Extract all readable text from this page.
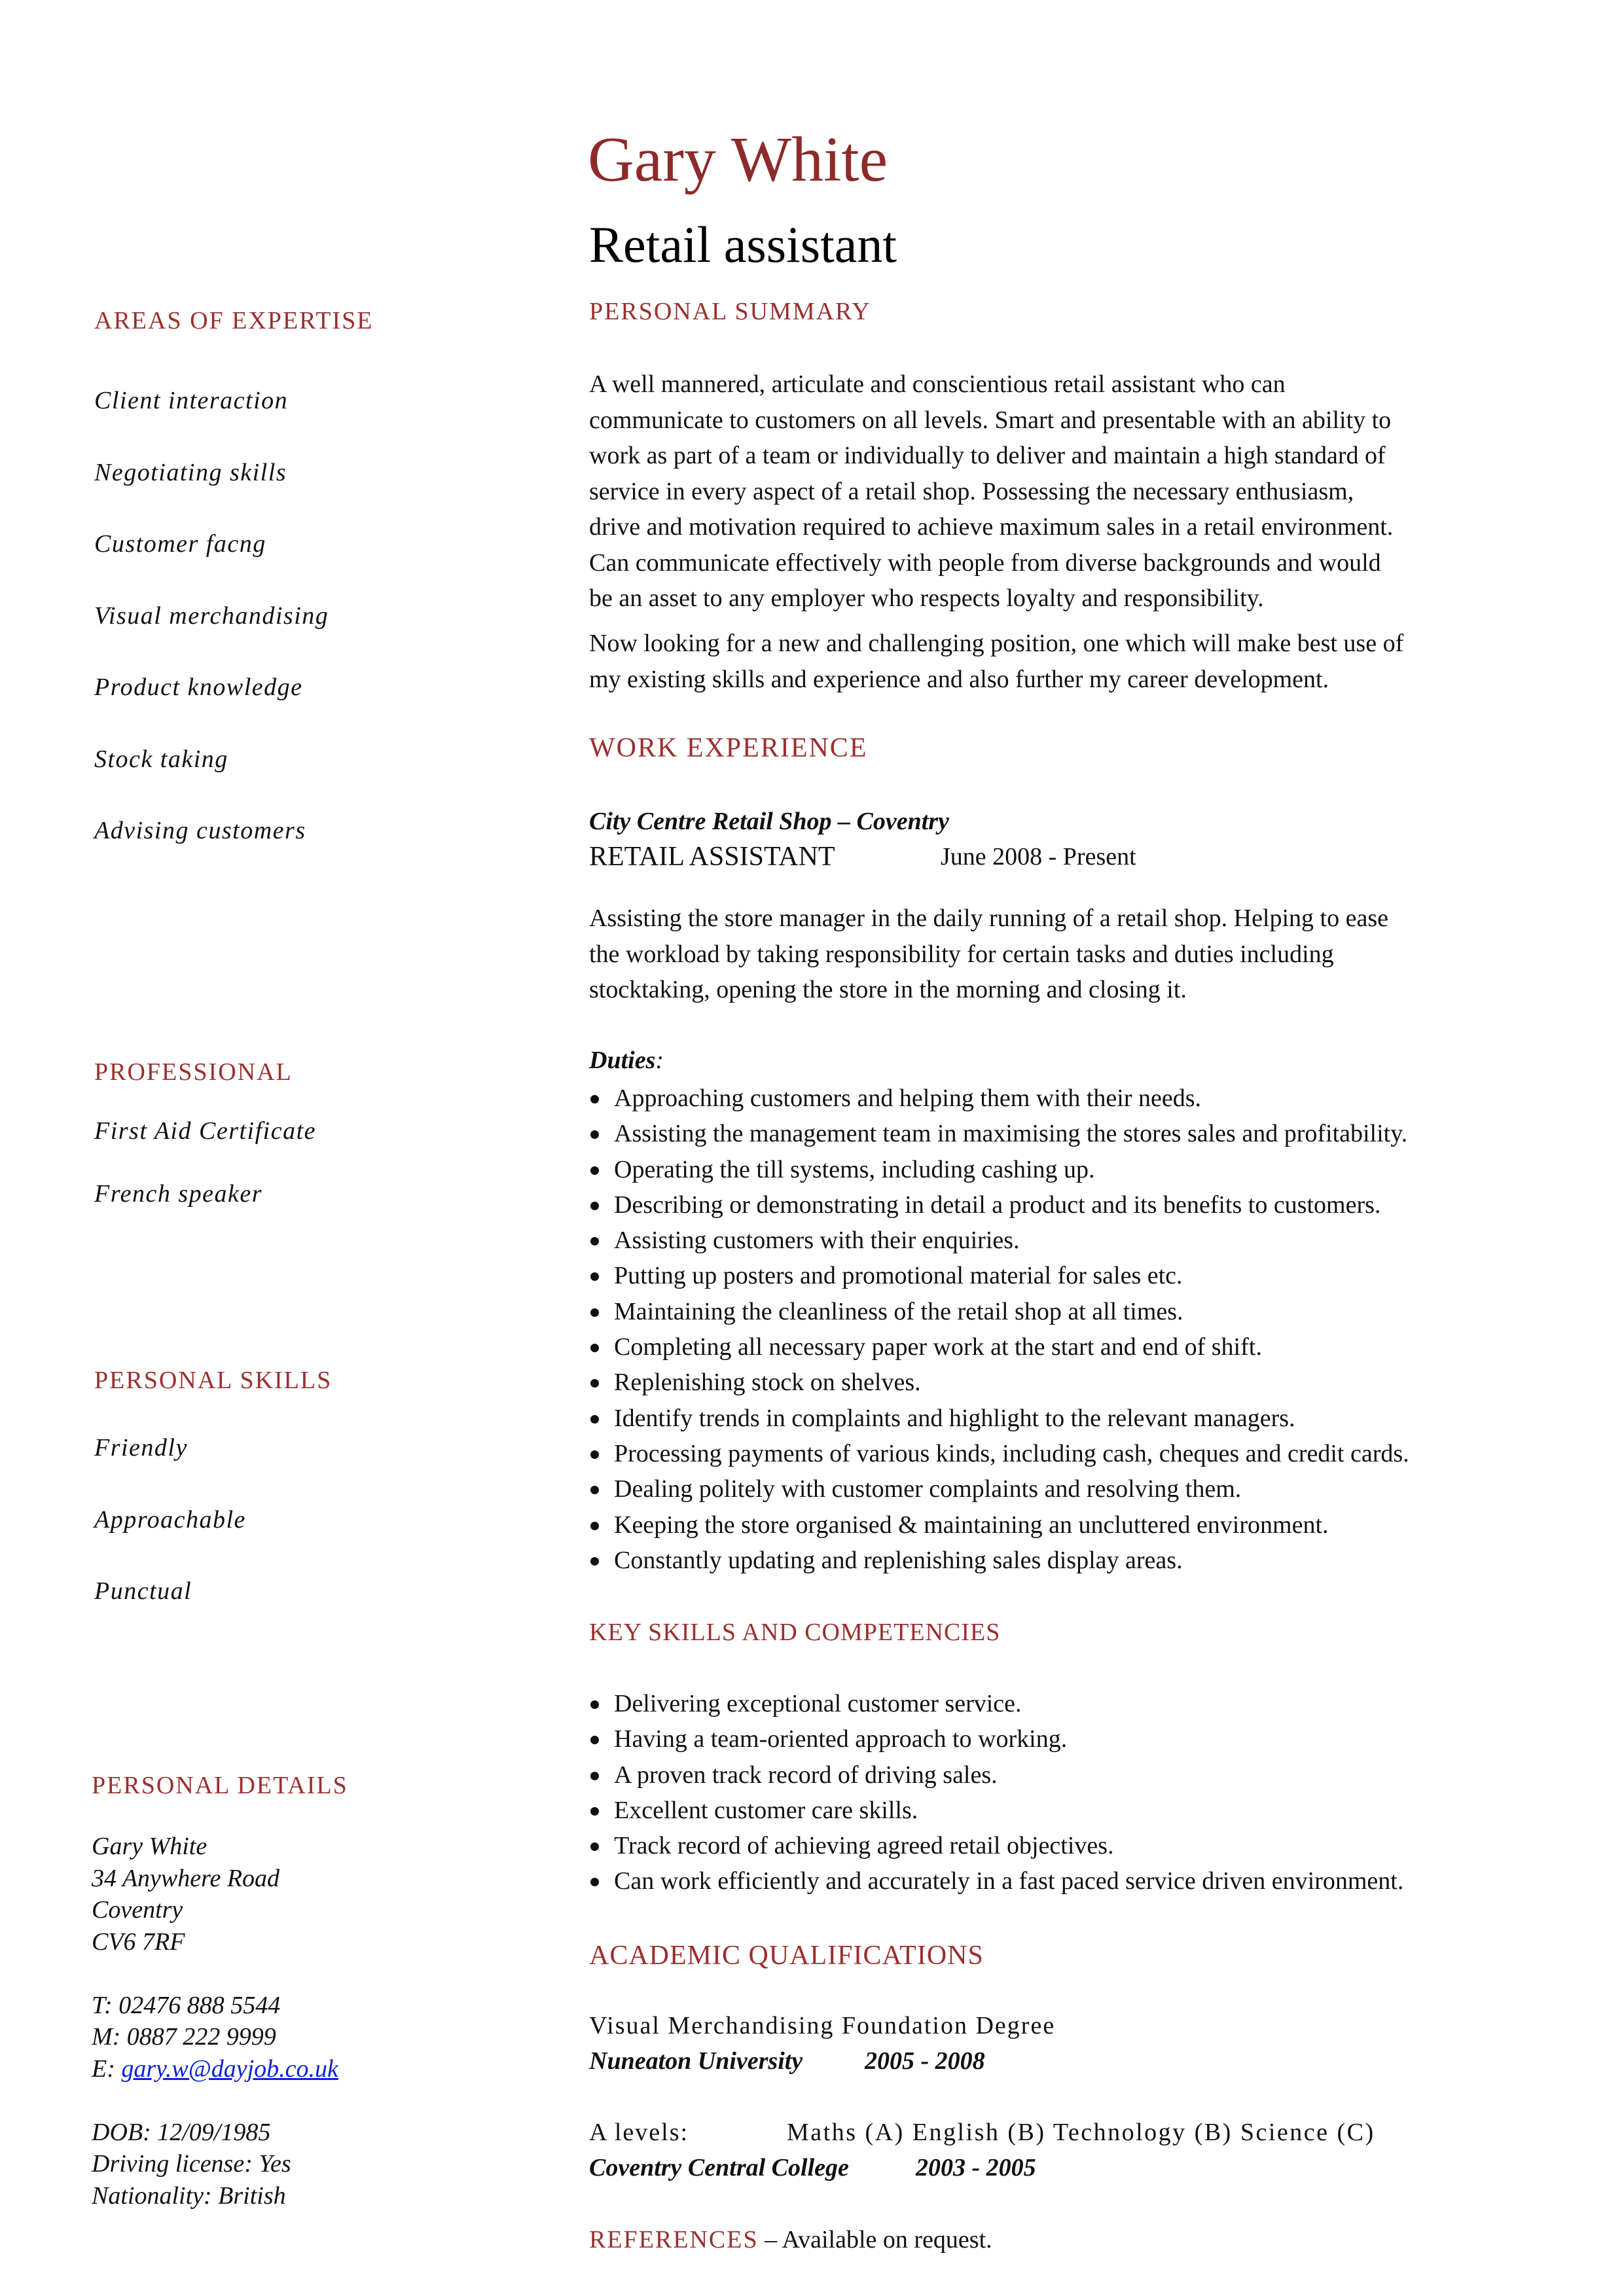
AREAS OF EXPERTISE
Client interaction
Negotiating skills
Customer facng
Visual merchandising
Product knowledge
Stock taking
Advising customers
PROFESSIONAL
First Aid Certificate
French speaker
PERSONAL SKILLS
Friendly
Approachable
Punctual
PERSONAL DETAILS
Gary White
34 Anywhere Road
Coventry
CV6 7RF
T: 02476 888 5544
M: 0887 222 9999
E: gary.w@dayjob.co.uk
DOB: 12/09/1985
Driving license: Yes
Nationality: British
Gary White
Retail assistant
PERSONAL SUMMARY
A well mannered, articulate and conscientious retail assistant who can
communicate to customers on all levels. Smart and presentable with an ability to
work as part of a team or individually to deliver and maintain a high standard of
service in every aspect of a retail shop. Possessing the necessary enthusiasm,
drive and motivation required to achieve maximum sales in a retail environment.
Can communicate effectively with people from diverse backgrounds and would
be an asset to any employer who respects loyalty and responsibility.
Now looking for a new and challenging position, one which will make best use of
my existing skills and experience and also further my career development.
WORK EXPERIENCE
City Centre Retail Shop – Coventry
RETAIL ASSISTANT	June 2008 - Present
Assisting the store manager in the daily running of a retail shop. Helping to ease
the workload by taking responsibility for certain tasks and duties including
stocktaking, opening the store in the morning and closing it.
Duties:
Approaching customers and helping them with their needs.
Assisting the management team in maximising the stores sales and profitability.
Operating the till systems, including cashing up.
Describing or demonstrating in detail a product and its benefits to customers.
Assisting customers with their enquiries.
Putting up posters and promotional material for sales etc.
Maintaining the cleanliness of the retail shop at all times.
Completing all necessary paper work at the start and end of shift.
Replenishing stock on shelves.
Identify trends in complaints and highlight to the relevant managers.
Processing payments of various kinds, including cash, cheques and credit cards.
Dealing politely with customer complaints and resolving them.
Keeping the store organised & maintaining an uncluttered environment.
Constantly updating and replenishing sales display areas.
KEY SKILLS AND COMPETENCIES
Delivering exceptional customer service.
Having a team-oriented approach to working.
A proven track record of driving sales.
Excellent customer care skills.
Track record of achieving agreed retail objectives.
Can work efficiently and accurately in a fast paced service driven environment.
ACADEMIC QUALIFICATIONS
Visual Merchandising Foundation Degree
Nuneaton University 2005 - 2008
A levels:	Maths (A) English (B) Technology (B) Science (C)
Coventry Central College	2003 - 2005
REFERENCES – Available on request.
